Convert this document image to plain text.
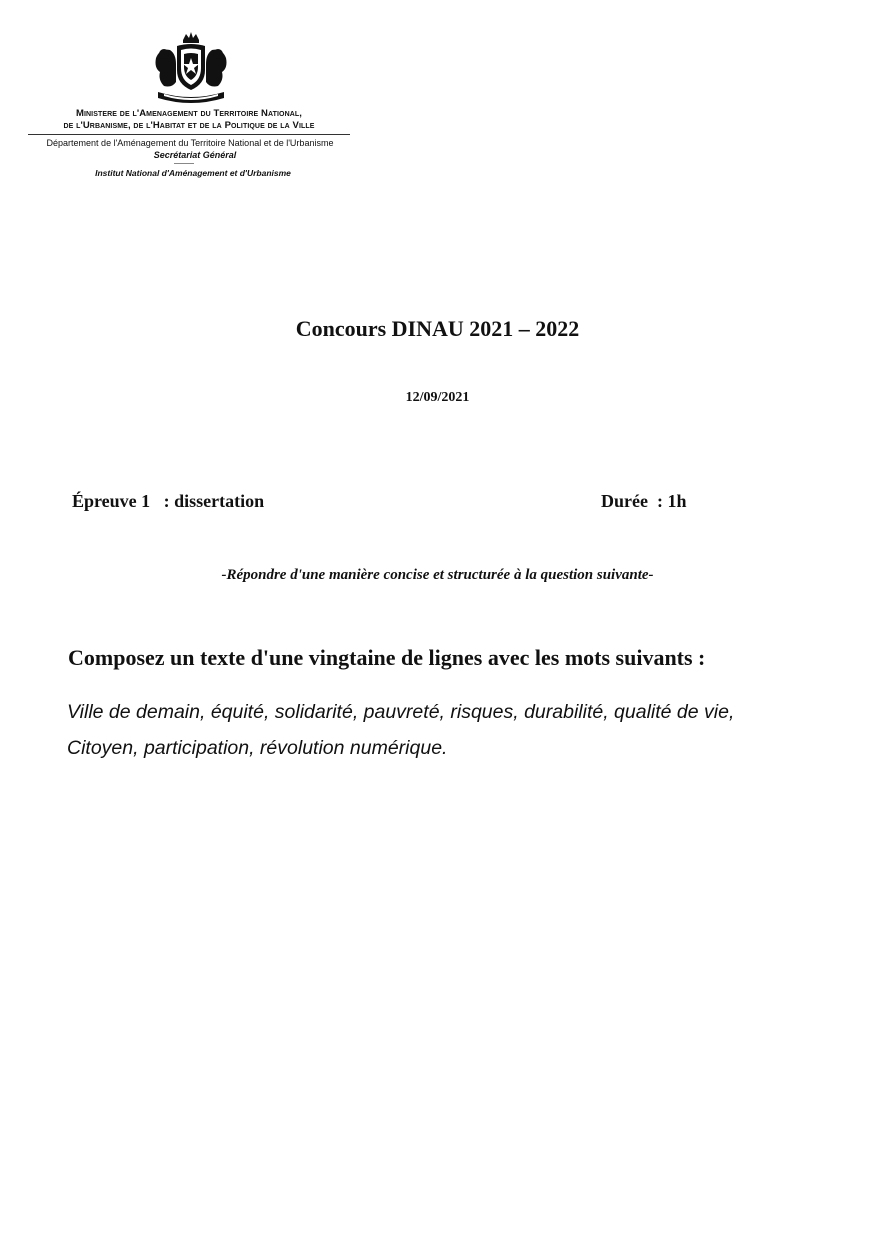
Ministere de l'Amenagement du Territoire National,
de l'Urbanisme, de l'Habitat et de la Politique de la Ville
Département de l'Aménagement du Territoire National et de l'Urbanisme
Secrétariat Général
Institut National d'Aménagement et d'Urbanisme
Concours DINAU 2021 – 2022
12/09/2021
Épreuve 1   : dissertation	Durée  : 1h
-Répondre d'une manière concise et structurée à la question suivante-
Composez un texte d'une vingtaine de lignes avec les mots suivants :
Ville de demain, équité, solidarité, pauvreté, risques, durabilité, qualité de vie, Citoyen, participation, révolution numérique.
